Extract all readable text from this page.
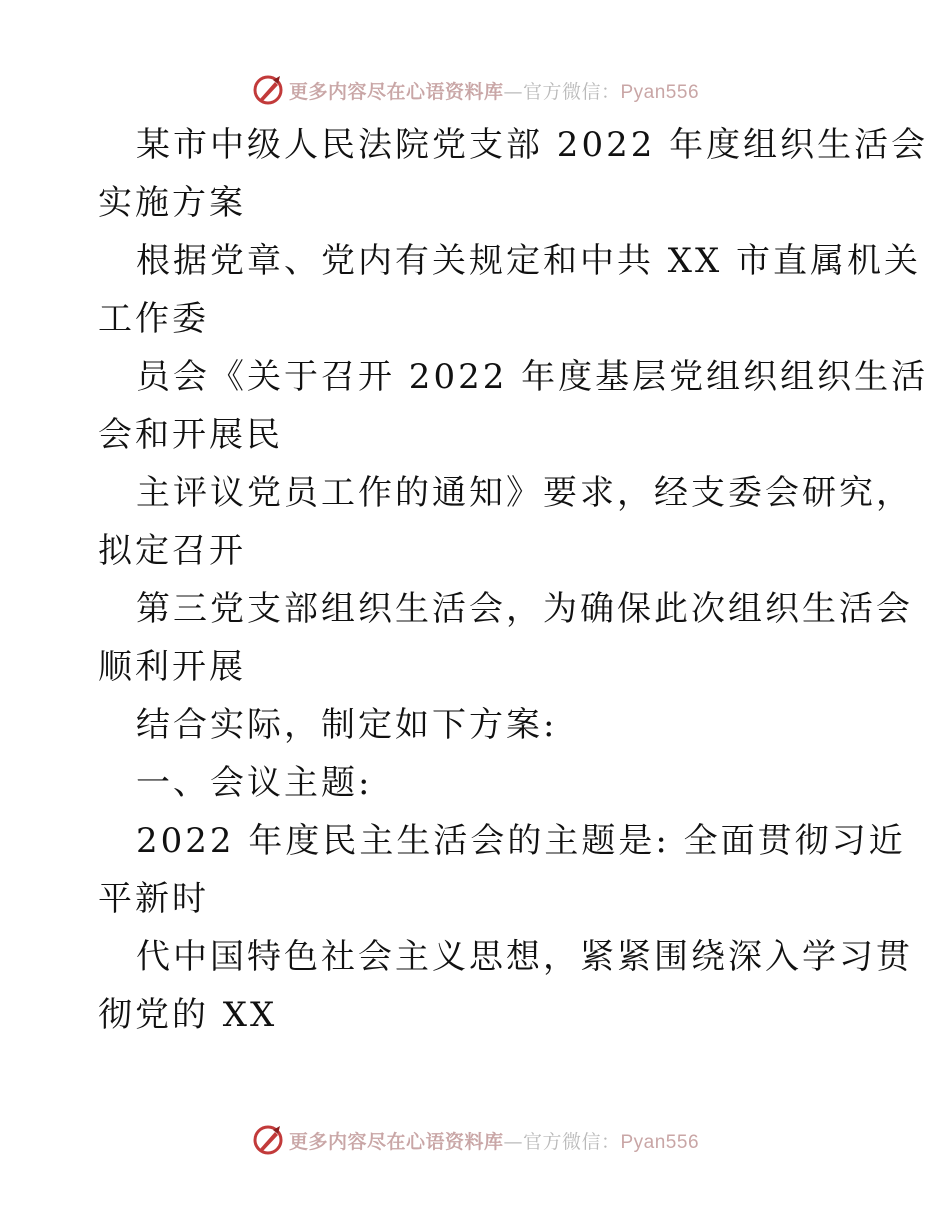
更多内容尽在心语资料库—官方微信：Pyan556
某市中级人民法院党支部 2022 年度组织生活会
实施方案
根据党章、党内有关规定和中共 XX 市直属机关
工作委
员会《关于召开 2022 年度基层党组织组织生活
会和开展民
主评议党员工作的通知》要求，经支委会研究，
拟定召开
第三党支部组织生活会，为确保此次组织生活会
顺利开展
结合实际，制定如下方案:
一、会议主题:
2022 年度民主生活会的主题是: 全面贯彻习近
平新时
代中国特色社会主义思想，紧紧围绕深入学习贯
彻党的 XX
更多内容尽在心语资料库—官方微信：Pyan556
